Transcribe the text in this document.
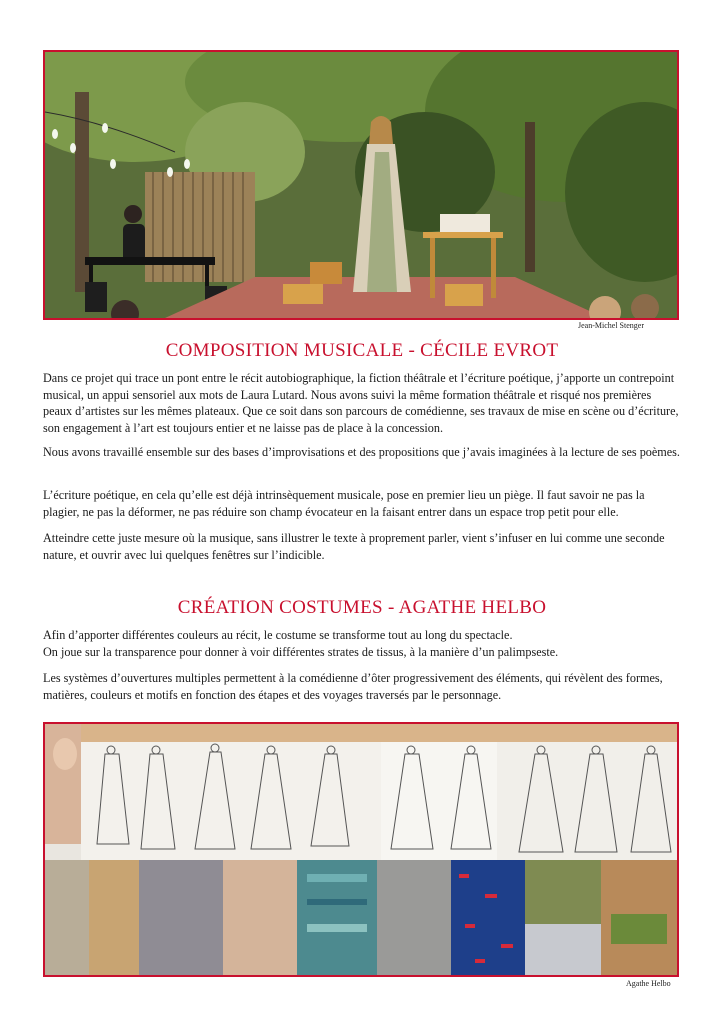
Jean-Michel Stenger
COMPOSITION MUSICALE - CÉCILE EVROT

Dans ce projet qui trace un pont entre le récit autobiographique, la fiction théâtrale et l’écriture poétique, j’apporte un contrepoint musical, un appui sensoriel aux mots de Laura Lutard. Nous avons suivi la même formation théâtrale et risqué nos premières peaux d’artistes sur les mêmes plateaux. Que ce soit dans son parcours de comédienne, ses travaux de mise en scène ou d’écriture, son engagement à l’art est toujours entier et ne laisse pas de place à la concession.

Nous avons travaillé ensemble sur des bases d’improvisations et des propositions que j’avais imaginées à la lecture de ses poèmes.

L’écriture poétique, en cela qu’elle est déjà intrinsèquement musicale, pose en premier lieu un piège. Il faut savoir ne pas la plagier, ne pas la déformer, ne pas réduire son champ évocateur en la faisant entrer dans un espace trop petit pour elle.

Atteindre cette juste mesure où la musique, sans illustrer le texte à proprement parler, vient s’infuser en lui comme une seconde nature, et ouvrir avec lui quelques fenêtres sur l’indicible.

CRÉATION COSTUMES - AGATHE HELBO

Afin d’apporter différentes couleurs au récit, le costume se transforme tout au long du spectacle.
On joue sur la transparence pour donner à voir différentes strates de tissus, à la manière d’un palimpseste.

Les systèmes d’ouvertures multiples permettent à la comédienne d’ôter progressivement des éléments, qui révèlent des formes, matières, couleurs et motifs en fonction des étapes et des voyages traversés par le personnage.

Agathe Helbo
